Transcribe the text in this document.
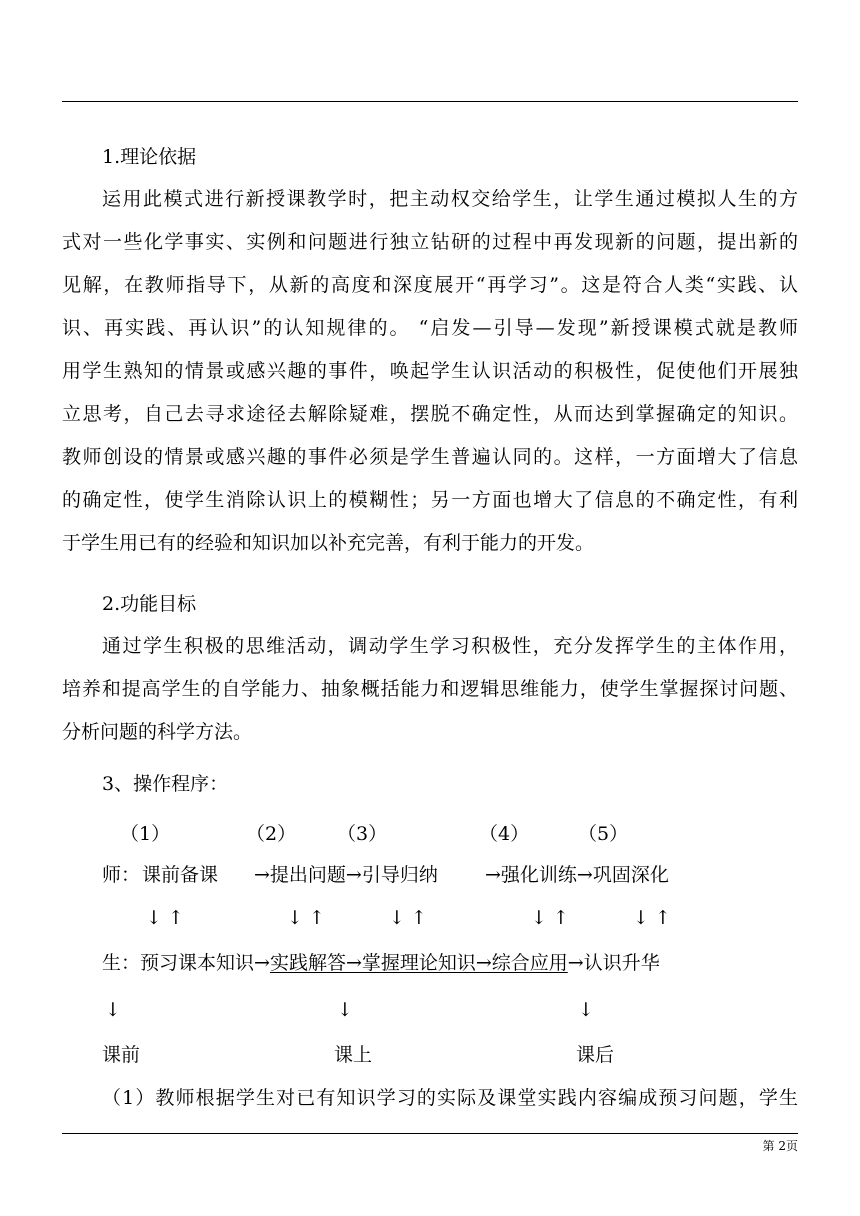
1.理论依据
运用此模式进行新授课教学时，把主动权交给学生，让学生通过模拟人生的方
式对一些化学事实、实例和问题进行独立钻研的过程中再发现新的问题，提出新的
见解，在教师指导下，从新的高度和深度展开“再学习”。这是符合人类“实践、认
识、再实践、再认识”的认知规律的。 “启发—引导—发现”新授课模式就是教师
用学生熟知的情景或感兴趣的事件，唤起学生认识活动的积极性，促使他们开展独
立思考，自己去寻求途径去解除疑难，摆脱不确定性，从而达到掌握确定的知识。
教师创设的情景或感兴趣的事件必须是学生普遍认同的。这样，一方面增大了信息
的确定性，使学生消除认识上的模糊性；另一方面也增大了信息的不确定性，有利
于学生用已有的经验和知识加以补充完善，有利于能力的开发。
2.功能目标
通过学生积极的思维活动，调动学生学习积极性，充分发挥学生的主体作用，
培养和提高学生的自学能力、抽象概括能力和逻辑思维能力，使学生掌握探讨问题、
分析问题的科学方法。
3、操作程序：
（1）	（2） （3）	（4）	（5）
师： 课前备课 →提出问题→引导归纳 →强化训练→巩固深化
↓ ↑	↓ ↑	↓ ↑	↓ ↑	↓ ↑
生：预习课本知识→实践解答→掌握理论知识→综合应用→认识升华
↓	↓	↓
课前	课上	课后
（1）教师根据学生对已有知识学习的实际及课堂实践内容编成预习问题，学生
第 2页
